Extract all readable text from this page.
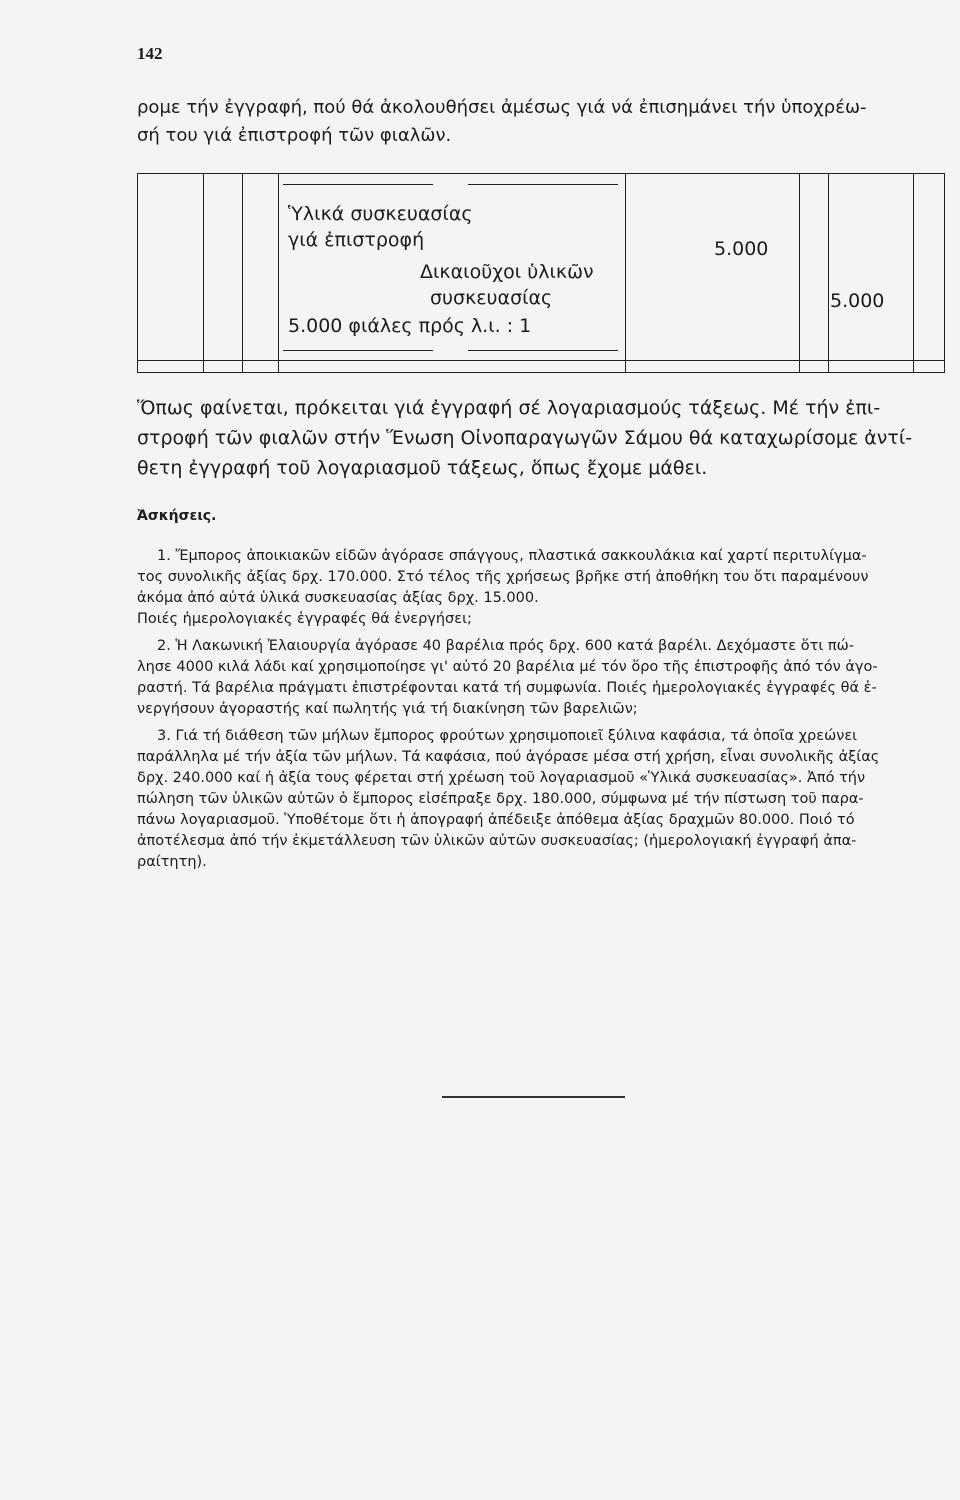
142

ρομε τήν ἐγγραφή, πού θά ἀκολουθήσει ἀμέσως γιά νά ἐπισημάνει τήν ὑποχρέω-

σή του γιά ἐπιστροφή τῶν φιαλῶν.

Ὑλικά συσκευασίας
γιά ἐπιστροφή
Δικαιοῦχοι ὑλικῶν
συσκευασίας
5.000 φιάλες πρός λ.ι. : 1
5.000
5.000

Ὅπως φαίνεται, πρόκειται γιά ἐγγραφή σέ λογαριασμούς τάξεως. Μέ τήν ἐπι-

στροφή τῶν φιαλῶν στήν Ἕνωση Οἰνοπαραγωγῶν Σάμου θά καταχωρίσομε ἀντί-

θετη ἐγγραφή τοῦ λογαριασμοῦ τάξεως, ὅπως ἔχομε μάθει.

Ἀσκήσεις.
1. Ἔμπορος ἀποικιακῶν εἰδῶν ἀγόρασε σπάγγους, πλαστικά σακκουλάκια καί χαρτί περιτυλίγμα-
τος συνολικῆς ἀξίας δρχ. 170.000. Στό τέλος τῆς χρήσεως βρῆκε στή ἀποθήκη του ὅτι παραμένουν
ἀκόμα ἀπό αὐτά ὑλικά συσκευασίας ἀξίας δρχ. 15.000.
Ποιές ἡμερολογιακές ἐγγραφές θά ἐνεργήσει;
2. Ἡ Λακωνική Ἐλαιουργία ἀγόρασε 40 βαρέλια πρός δρχ. 600 κατά βαρέλι. Δεχόμαστε ὅτι πώ-
λησε 4000 κιλά λάδι καί χρησιμοποίησε γι' αὐτό 20 βαρέλια μέ τόν ὅρο τῆς ἐπιστροφῆς ἀπό τόν ἀγο-
ραστή. Τά βαρέλια πράγματι ἐπιστρέφονται κατά τή συμφωνία. Ποιές ἡμερολογιακές ἐγγραφές θά ἐ-
νεργήσουν ἀγοραστής καί πωλητής γιά τή διακίνηση τῶν βαρελιῶν;
3. Γιά τή διάθεση τῶν μήλων ἔμπορος φρούτων χρησιμοποιεῖ ξύλινα καφάσια, τά ὁποῖα χρεώνει
παράλληλα μέ τήν ἀξία τῶν μήλων. Τά καφάσια, πού ἀγόρασε μέσα στή χρήση, εἶναι συνολικῆς ἀξίας
δρχ. 240.000 καί ἡ ἀξία τους φέρεται στή χρέωση τοῦ λογαριασμοῦ «Ὑλικά συσκευασίας». Ἀπό τήν
πώληση τῶν ὑλικῶν αὐτῶν ὁ ἔμπορος εἰσέπραξε δρχ. 180.000, σύμφωνα μέ τήν πίστωση τοῦ παρα-
πάνω λογαριασμοῦ. Ὑποθέτομε ὅτι ἡ ἀπογραφή ἀπέδειξε ἀπόθεμα ἀξίας δραχμῶν 80.000. Ποιό τό
ἀποτέλεσμα ἀπό τήν ἐκμετάλλευση τῶν ὑλικῶν αὐτῶν συσκευασίας; (ἡμερολογιακή ἐγγραφή ἀπα-
ραίτητη).
